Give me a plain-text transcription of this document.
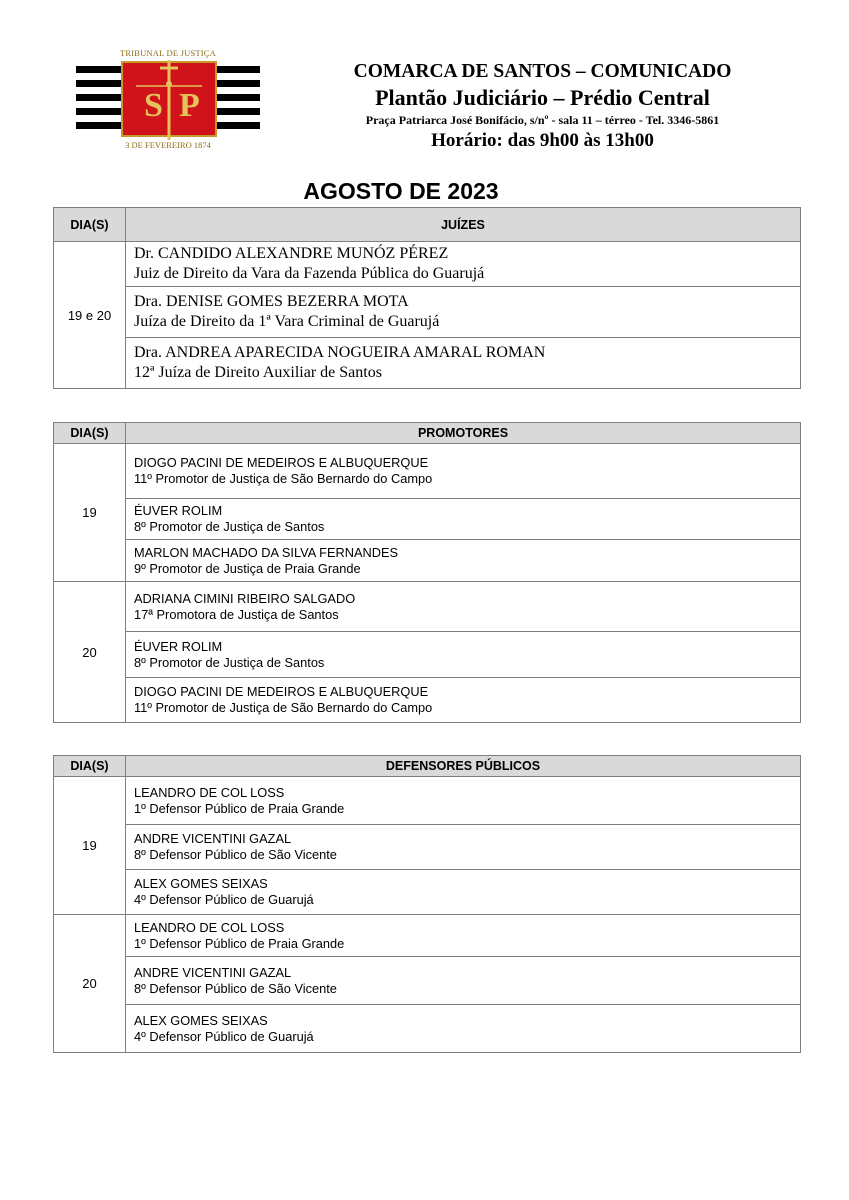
TRIBUNAL DE JUSTIÇA
S P
3 DE FEVEREIRO 1874
COMARCA DE SANTOS – COMUNICADO
Plantão Judiciário – Prédio Central
Praça Patriarca José Bonifácio, s/nº - sala 11 – térreo - Tel. 3346-5861
Horário: das 9h00 às 13h00
AGOSTO DE 2023
DIA(S)	JUÍZES
19 e 20	Dr. CANDIDO ALEXANDRE MUNÓZ PÉREZ
Juiz de Direito da Vara da Fazenda Pública do Guarujá

	Dra. DENISE GOMES BEZERRA MOTA
Juíza de Direito da 1ª Vara Criminal de Guarujá

	Dra. ANDREA APARECIDA NOGUEIRA AMARAL ROMAN
12ª Juíza de Direito Auxiliar de Santos
DIA(S)	PROMOTORES
19	DIOGO PACINI DE MEDEIROS E ALBUQUERQUE
11º Promotor de Justiça de São Bernardo do Campo

	ÉUVER ROLIM
8º Promotor de Justiça de Santos

	MARLON MACHADO DA SILVA FERNANDES
9º Promotor de Justiça de Praia Grande

20	ADRIANA CIMINI RIBEIRO SALGADO
17ª Promotora de Justiça de Santos

	ÉUVER ROLIM
8º Promotor de Justiça de Santos

	DIOGO PACINI DE MEDEIROS E ALBUQUERQUE
11º Promotor de Justiça de São Bernardo do Campo
DIA(S)	DEFENSORES PÚBLICOS
19	LEANDRO DE COL LOSS
1º Defensor Público de Praia Grande

	ANDRE VICENTINI GAZAL
8º Defensor Público de São Vicente

	ALEX GOMES SEIXAS
4º Defensor Público de Guarujá

20	LEANDRO DE COL LOSS
1º Defensor Público de Praia Grande

	ANDRE VICENTINI GAZAL
8º Defensor Público de São Vicente

	ALEX GOMES SEIXAS
4º Defensor Público de Guarujá
